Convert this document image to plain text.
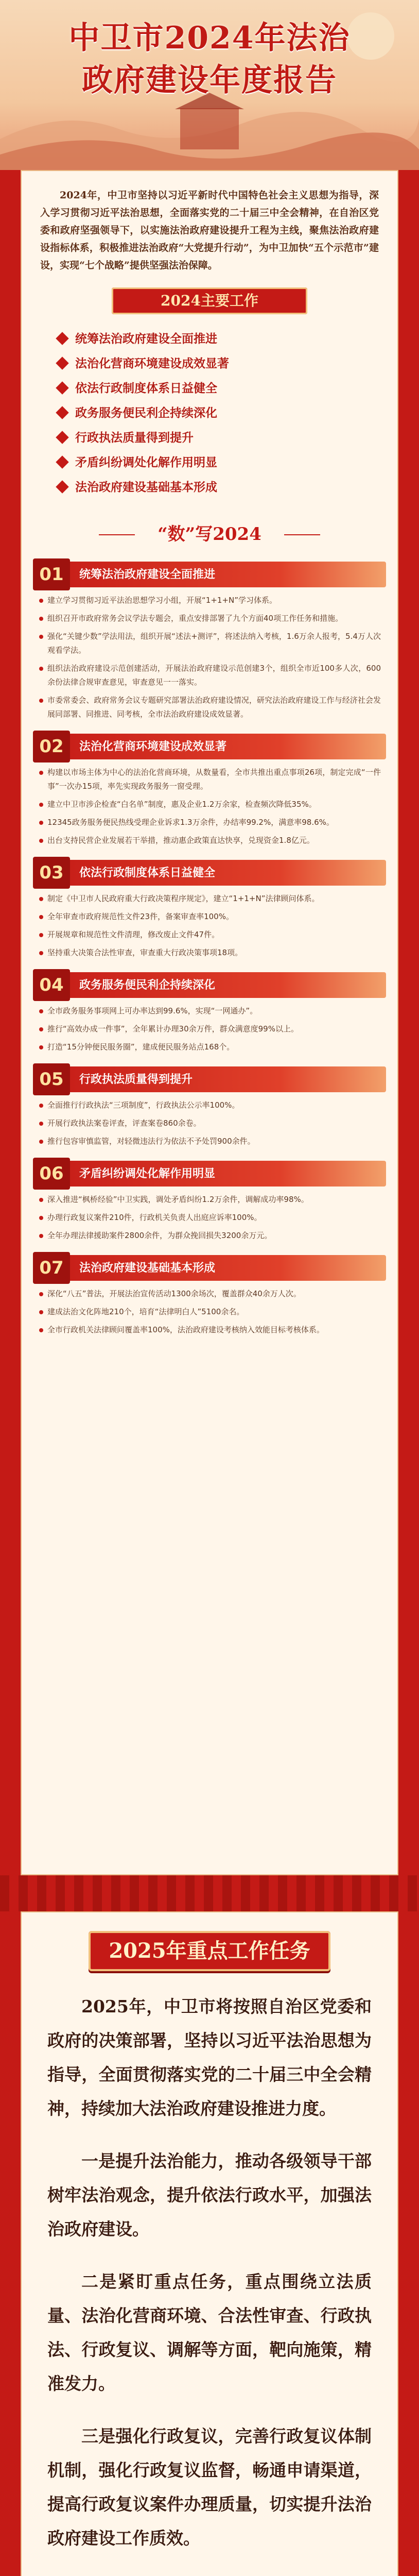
中卫市2024年法治
政府建设年度报告
2024年，中卫市坚持以习近平新时代中国特色社会主义思想为指导，深入学习贯彻习近平法治思想，全面落实党的二十届三中全会精神，在自治区党委和政府坚强领导下，以实施法治政府建设提升工程为主线，聚焦法治政府建设指标体系，积极推进法治政府“大党提升行动”，为中卫加快“五个示范市”建设，实现“七个战略”提供坚强法治保障。
2024主要工作
统筹法治政府建设全面推进
法治化营商环境建设成效显著
依法行政制度体系日益健全
政务服务便民利企持续深化
行政执法质量得到提升
矛盾纠纷调处化解作用明显
法治政府建设基础基本形成
“数”写2024
01	统筹法治政府建设全面推进

建立学习贯彻习近平法治思想学习小组，开展“1+1+N”学习体系。

组织召开市政府常务会议学法专题会，重点安排部署了九个方面40项工作任务和措施。

强化“关键少数”学法用法，组织开展“述法+测评”，将述法纳入考核，1.6万余人报考，5.4万人次观看学法。

组织法治政府建设示范创建活动，开展法治政府建设示范创建3个，组织全市近100多人次，600余份法律合规审查意见，审查意见一一落实。

市委常委会、政府常务会议专题研究部署法治政府建设情况，研究法治政府建设工作与经济社会发展同部署、同推进、同考核，全市法治政府建设成效显著。

02	法治化营商环境建设成效显著

构建以市场主体为中心的法治化营商环境，从数量看，全市共推出重点事项26项，制定完成“一件事”一次办15项，率先实现政务服务一窗受理。

建立中卫市涉企检查“白名单”制度，惠及企业1.2万余家，检查频次降低35%。

12345政务服务便民热线受理企业诉求1.3万余件，办结率99.2%，满意率98.6%。

出台支持民营企业发展若干举措，推动惠企政策直达快享，兑现资金1.8亿元。

03	依法行政制度体系日益健全

制定《中卫市人民政府重大行政决策程序规定》，建立“1+1+N”法律顾问体系。

全年审查市政府规范性文件23件，备案审查率100%。

开展规章和规范性文件清理，修改废止文件47件。

坚持重大决策合法性审查，审查重大行政决策事项18项。

04	政务服务便民利企持续深化

全市政务服务事项网上可办率达到99.6%，实现“一网通办”。

推行“高效办成一件事”，全年累计办理30余万件，群众满意度99%以上。

打造“15分钟便民服务圈”，建成便民服务站点168个。

05	行政执法质量得到提升

全面推行行政执法“三项制度”，行政执法公示率100%。

开展行政执法案卷评查，评查案卷860余卷。

推行包容审慎监管，对轻微违法行为依法不予处罚900余件。

06	矛盾纠纷调处化解作用明显

深入推进“枫桥经验”中卫实践，调处矛盾纠纷1.2万余件，调解成功率98%。

办理行政复议案件210件，行政机关负责人出庭应诉率100%。

全年办理法律援助案件2800余件，为群众挽回损失3200余万元。

07	法治政府建设基础基本形成

深化“八五”普法，开展法治宣传活动1300余场次，覆盖群众40余万人次。

建成法治文化阵地210个，培育“法律明白人”5100余名。

全市行政机关法律顾问覆盖率100%，法治政府建设考核纳入效能目标考核体系。

2025年重点工作任务
2025年，中卫市将按照自治区党委和政府的决策部署，坚持以习近平法治思想为指导，全面贯彻落实党的二十届三中全会精神，持续加大法治政府建设推进力度。
一是提升法治能力，推动各级领导干部树牢法治观念，提升依法行政水平，加强法治政府建设。
二是紧盯重点任务，重点围绕立法质量、法治化营商环境、合法性审查、行政执法、行政复议、调解等方面，靶向施策，精准发力。
三是强化行政复议，完善行政复议体制机制，强化行政复议监督，畅通申请渠道，提高行政复议案件办理质量，切实提升法治政府建设工作质效。
